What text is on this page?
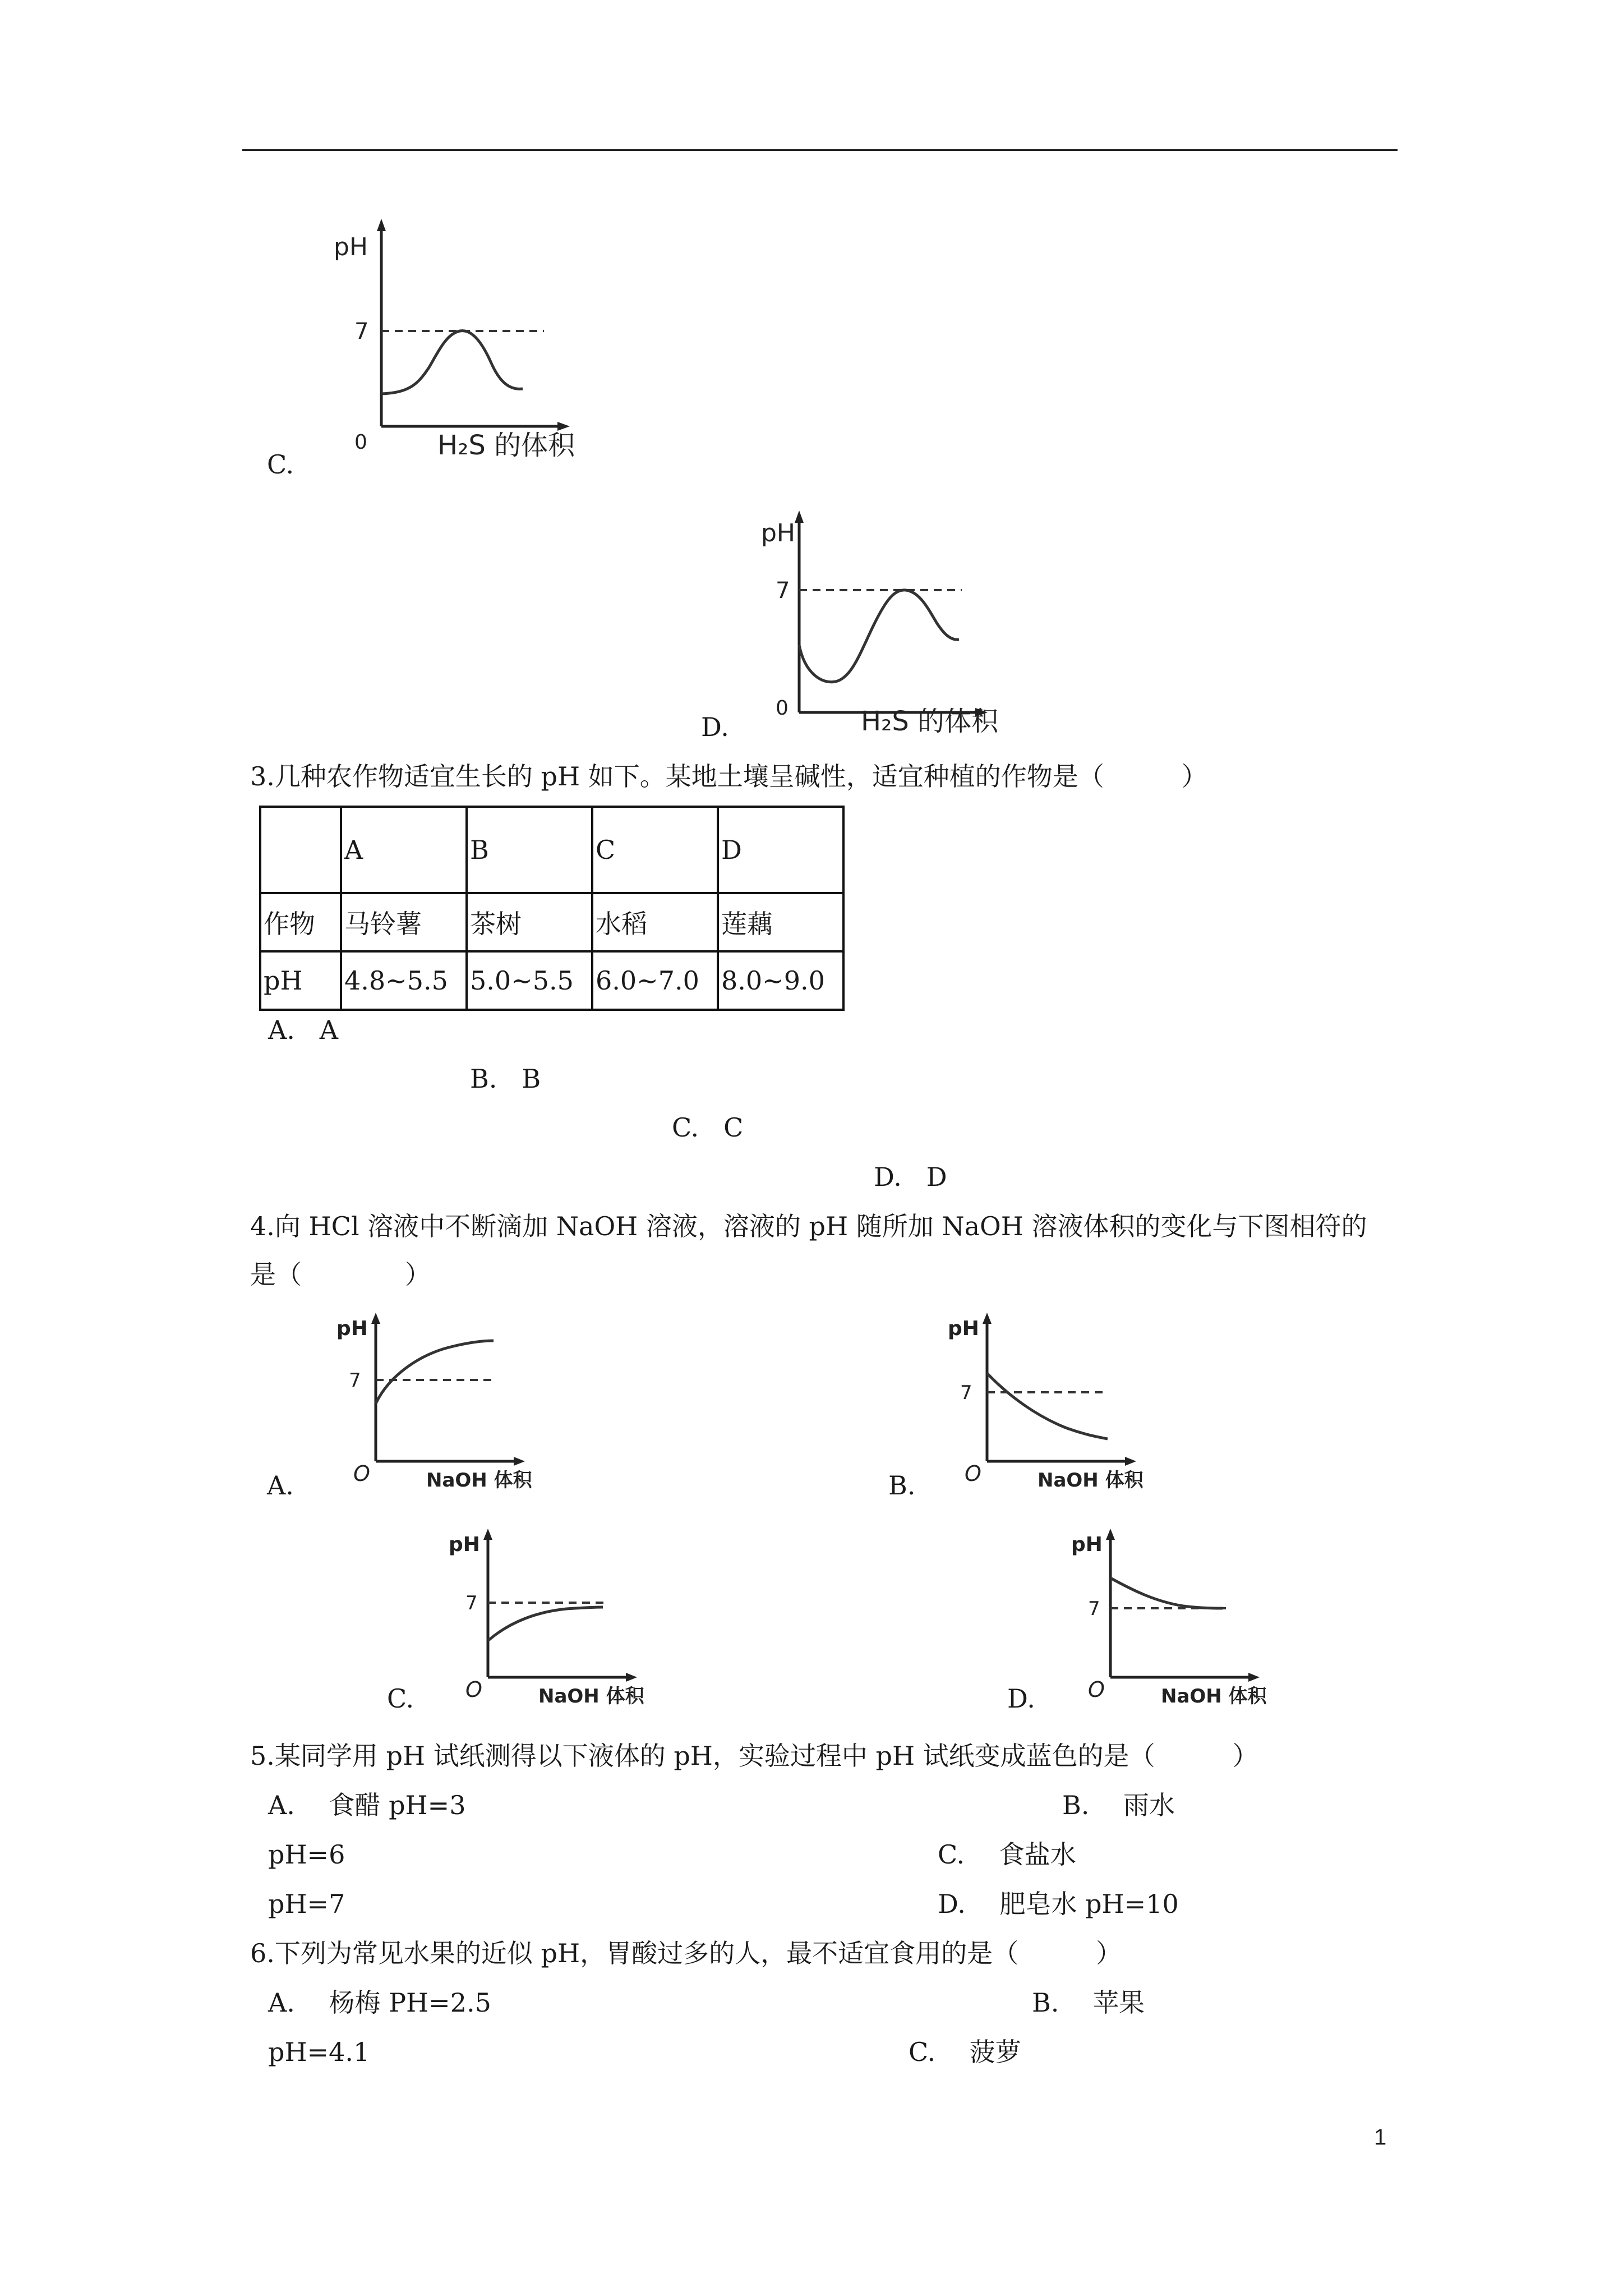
C.
pH
7
0	H₂S 的体积
D.
pH
7
0	H₂S 的体积
3.几种农作物适宜生长的 pH 如下。某地土壤呈碱性，适宜种植的作物是（　　　）
	A	B	C	D
作物	马铃薯	茶树	水稻	莲藕
pH	4.8~5.5	5.0~5.5	6.0~7.0	8.0~9.0
A. A
B. B
C. C
D. D
4.向 HCl 溶液中不断滴加 NaOH 溶液，溶液的 pH 随所加 NaOH 溶液体积的变化与下图相符的
是（　　　　）
A.
pH
7
O	NaOH 体积	B.
pH
7
O	NaOH 体积
C.
pH
7
O	NaOH 体积	D.
pH
7
O	NaOH 体积
5.某同学用 pH 试纸测得以下液体的 pH，实验过程中 pH 试纸变成蓝色的是（　　　）
A.　 食醋 pH=3	B.　 雨水
pH=6	C.　 食盐水
pH=7	D.　 肥皂水 pH=10
6.下列为常见水果的近似 pH，胃酸过多的人，最不适宜食用的是（　　　）
A.　 杨梅 PH=2.5	B.　 苹果
pH=4.1	C.　 菠萝
1
